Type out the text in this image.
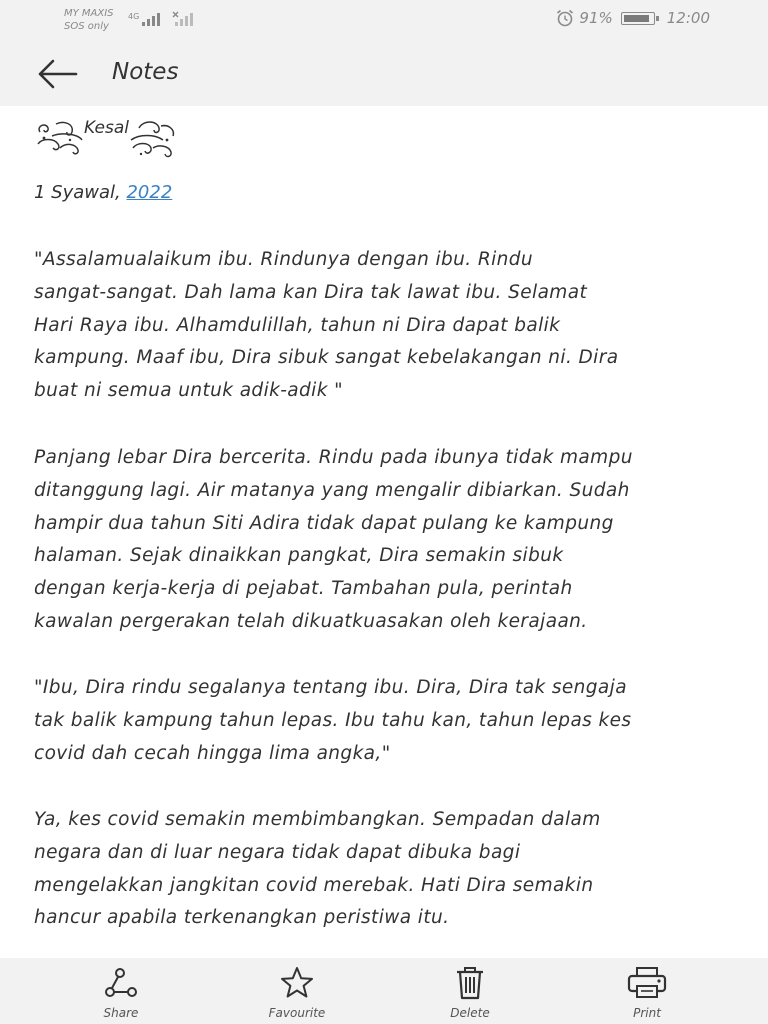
MY MAXIS
SOS only
4G	91%	12:00
Notes
Kesal
1 Syawal, 2022
"Assalamualaikum ibu. Rindunya dengan ibu. Rindu
sangat-sangat. Dah lama kan Dira tak lawat ibu. Selamat
Hari Raya ibu. Alhamdulillah, tahun ni Dira dapat balik
kampung. Maaf ibu, Dira sibuk sangat kebelakangan ni. Dira
buat ni semua untuk adik-adik "
Panjang lebar Dira bercerita. Rindu pada ibunya tidak mampu
ditanggung lagi. Air matanya yang mengalir dibiarkan. Sudah
hampir dua tahun Siti Adira tidak dapat pulang ke kampung
halaman. Sejak dinaikkan pangkat, Dira semakin sibuk
dengan kerja-kerja di pejabat. Tambahan pula, perintah
kawalan pergerakan telah dikuatkuasakan oleh kerajaan.
"Ibu, Dira rindu segalanya tentang ibu. Dira, Dira tak sengaja
tak balik kampung tahun lepas. Ibu tahu kan, tahun lepas kes
covid dah cecah hingga lima angka,"
Ya, kes covid semakin membimbangkan. Sempadan dalam
negara dan di luar negara tidak dapat dibuka bagi
mengelakkan jangkitan covid merebak. Hati Dira semakin
hancur apabila terkenangkan peristiwa itu.
Share	Favourite	Delete	Print
